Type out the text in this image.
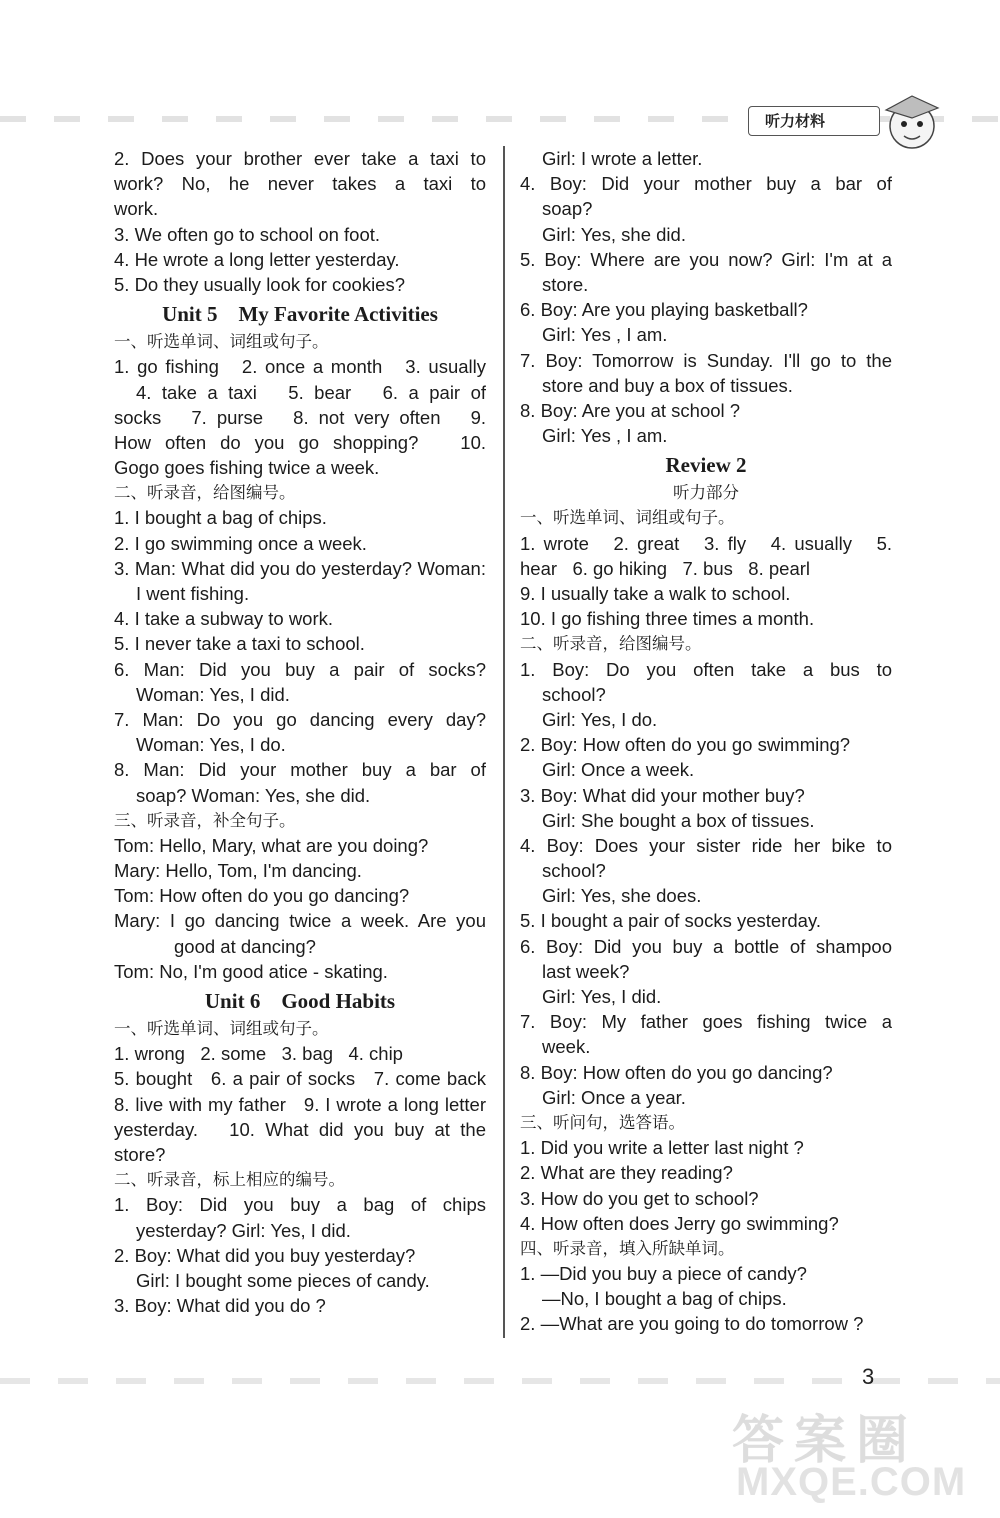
听力材料
2. Does your brother ever take a taxi to
work? No, he never takes a taxi to
work.
3. We often go to school on foot.
4. He wrote a long letter yesterday.
5. Do they usually look for cookies?
Unit 5    My Favorite Activities
一、听选单词、词组或句子。
1. go fishing   2. once a month   3. usually
4. take a taxi   5. bear   6. a pair of
socks   7. purse   8. not very often   9.
How often do you go shopping?   10.
Gogo goes fishing twice a week.
二、听录音，给图编号。
1. I bought a bag of chips.
2. I go swimming once a week.
3. Man: What did you do yesterday? Woman:
I went fishing.
4. I take a subway to work.
5. I never take a taxi to school.
6. Man: Did you buy a pair of socks?
Woman: Yes, I did.
7. Man: Do you go dancing every day?
Woman: Yes, I do.
8. Man: Did your mother buy a bar of
soap? Woman: Yes, she did.
三、听录音，补全句子。
Tom: Hello, Mary, what are you doing?
Mary: Hello, Tom, I'm dancing.
Tom: How often do you go dancing?
Mary: I go dancing twice a week. Are you
good at dancing?
Tom: No, I'm good atice - skating.
Unit 6    Good Habits
一、听选单词、词组或句子。
1. wrong   2. some   3. bag   4. chip
5. bought   6. a pair of socks   7. come back
8. live with my father   9. I wrote a long letter
yesterday.   10. What did you buy at the
store?
二、听录音，标上相应的编号。
1. Boy: Did you buy a bag of chips
yesterday? Girl: Yes, I did.
2. Boy: What did you buy yesterday?
Girl: I bought some pieces of candy.
3. Boy: What did you do ?
Girl: I wrote a letter.
4. Boy: Did your mother buy a bar of
soap?
Girl: Yes, she did.
5. Boy: Where are you now? Girl: I'm at a
store.
6. Boy: Are you playing basketball?
Girl: Yes , I am.
7. Boy: Tomorrow is Sunday. I'll go to the
store and buy a box of tissues.
8. Boy: Are you at school ?
Girl: Yes , I am.
Review 2
听力部分
一、听选单词、词组或句子。
1. wrote   2. great   3. fly   4. usually   5.
hear   6. go hiking   7. bus   8. pearl
9. I usually take a walk to school.
10. I go fishing three times a month.
二、听录音，给图编号。
1. Boy: Do you often take a bus to
school?
Girl: Yes, I do.
2. Boy: How often do you go swimming?
Girl: Once a week.
3. Boy: What did your mother buy?
Girl: She bought a box of tissues.
4. Boy: Does your sister ride her bike to
school?
Girl: Yes, she does.
5. I bought a pair of socks yesterday.
6. Boy: Did you buy a bottle of shampoo
last week?
Girl: Yes, I did.
7. Boy: My father goes fishing twice a
week.
8. Boy: How often do you go dancing?
Girl: Once a year.
三、听问句，选答语。
1. Did you write a letter last night ?
2. What are they reading?
3. How do you get to school?
4. How often does Jerry go swimming?
四、听录音，填入所缺单词。
1. —Did you buy a piece of candy?
—No, I bought a bag of chips.
2. —What are you going to do tomorrow ?
3
答 案 圈
MXQE.COM
